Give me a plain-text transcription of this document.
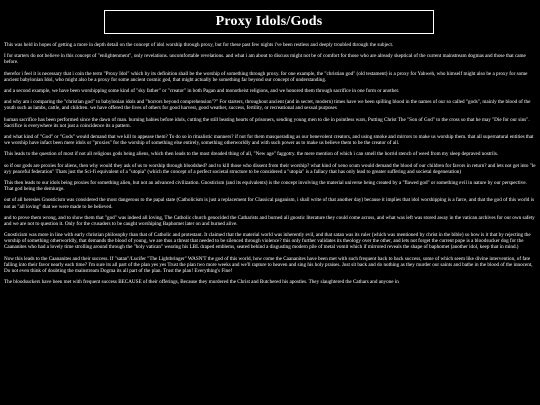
Proxy Idols/Gods

This was held in hopes of getting a more in depth detail on the concept of idol worship through proxy, but for these past few nights i've been restless and deeply troubled through the subject.

I for starters do not believe in this concept of "enlightenment", only revelations. uncomfortable revelations. and what i am about to discuss might not be of comfort for those who are already skeptical of the current mainstream dogmas and those that came before.

therefor i feel it is necessary that i coin the term "Proxy Idol" which by its definition shall be the worship of something through proxy. for one example, the "christian god" (old testament) is a proxy for Yahweh, who himself might also be a proxy for some ancient babylonian Idol, who might also be a proxy for some ancient cosmic god, that might actually be something far beyond our concept of understanding.

and a second example, we have been worshipping some kind of "sky father" or "creator" in both Pagan and monotheist religions, and we honored them through sacrifice in one form or another.

and why am i comparing the "christian god" to babylonian idols and "horrors beyond comprehension"?" For starters, throughout ancient (and in secret, modern) times have we been spilling blood in the names of our so called "gods", mainly the blood of the youth such as lambs, cattle, and children. we have offered the lives of others for good harvest, good weather, success, fertility, or recreational and sexual purposes

human sacrifice has been performed since the dawn of man. burning babies before idols, cutting the still beating hearts of prisoners, sending young men to die in pointless wars, Putting Christ The "Son of God" to the cross so that he may "Die for our sins". Sacrifice is everywhere its not just a coincidence its a pattern.

and what kind of "God" or "Gods" would demand that we kill to appease them? To do so in ritualistic manners? if not for them masquerading as our benevolent creators, and using smoke and mirrors to make us worship them. that all supernatural entities that we worship have infact been mere idols or "proxies" for the worship of something else entirely, something otherworldly and with such power as to make us believe them to be the creator of all.

This leads to the question of most if not all religious gods being aliens, which then leads to the most dreaded thing of all, "New age" faggotry. the mere mention of which i can smell the horrid stench of weed from my sleep depraved nostrils.

so if our gods are proxies for aliens, then why would they ask of us to worship through bloodshed? and to kill those who dissent from their worship? what kind of xeno scum would demand the blood of our children for favors in return? and lets not get into "le ayy peaceful federation" Thats just the Sci-fi equivalent of a "utopia" (which the concept of a perfect societal structure to be considered a "utopia" is a fallacy that has only lead to greater suffering and societal degeneration)

This then leads to our idols being proxies for something alien, but not an advanced civilization. Gnosticism (and its equivalents) is the concept involving the material universe being created by a "flawed god" or something evil in nature by our perspective. That god being the demiurge.

out of all heresies Gnosticism was considered the most dangerous to the papal state (Catholicism is just a replacement for Classical paganism, i shall write of that another day) because it implies that idol worshipping is a farce, and that the god of this world is not as "all loving" that we were made to be believed.

and to prove them wrong, and to show them that "god" was indeed all loving, The Catholic church genocided the Catharists and burned all gnostic literature they could come across, and what was left was stored away in the vatican archives for our own safety and we are not to question it. Only for the crusaders to be caught worshiping Baphomet later on and burned alive.

Gnosticism was more in line with early christian philosophy than that of Catholic and protestant. It claimed that the material world was inherently evil, and that satan was its ruler (which was mentioned by christ in the bible) so how is it that by rejecting the worship of something otherworldly, that demands the blood of young, we are thus a threat that needed to be silenced through violence? this only further validates its theology over the other, and lets not forget the current pope is a bloodsucker dog for the Caananites who had a lovely time strolling around through the "holy vatican" wearing his LBL draped emblems, seated behind a disgusting modern pile of metal vomit which if mirrored reveals the shape of baphomet (another idol, keep that in mind.)

Now this leads to the Caananites and their success. If "satan"/Lucifer "The Lightbringer" WASN'T the god of this world, how come the Caananites have been met with such frequent back to back success, some of which seem like divine intervention, of fate falling into their favor nearly each time? I'm sure its all part of the plan yes yes Trust the plan two more weeks and we'll rapture to heaven and sing his holy praises. Just sit back and do nothing as they murder our saints and bathe in the blood of the innocent, Do not even think of doubting the mainstream Dogma its all part of the plan. Trust the plan! Everything's Fine!

The bloodsuckers have been met with frequent success BECAUSE of their offerings, Because they murdered the Christ and Butchered his apostles. They slaughtered the Cathars and anyone in
